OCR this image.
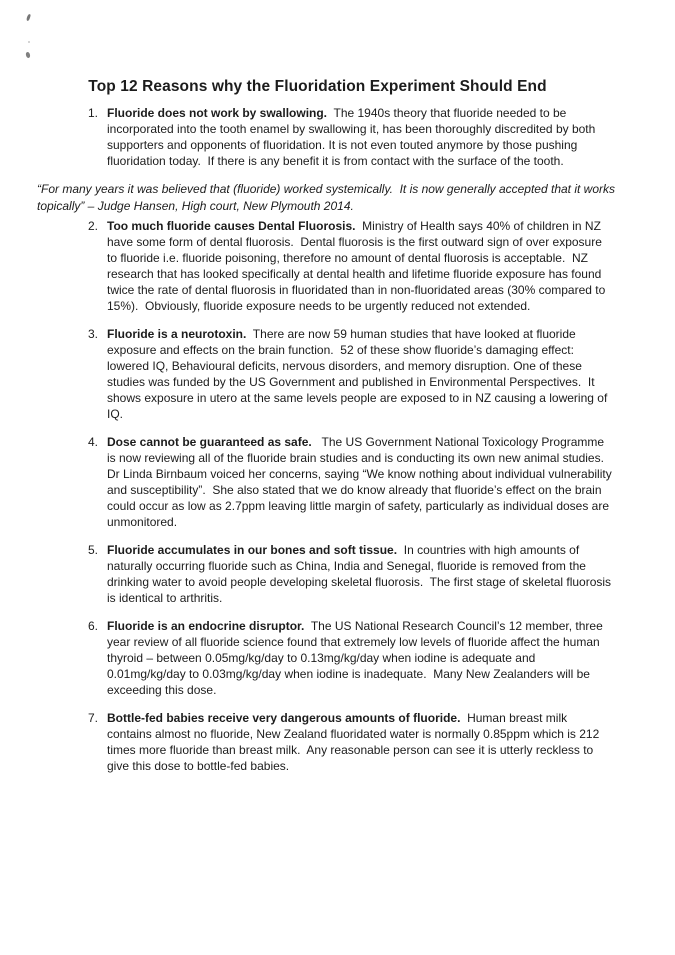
Top 12 Reasons why the Fluoridation Experiment Should End
1. Fluoride does not work by swallowing.  The 1940s theory that fluoride needed to be incorporated into the tooth enamel by swallowing it, has been thoroughly discredited by both supporters and opponents of fluoridation. It is not even touted anymore by those pushing fluoridation today.  If there is any benefit it is from contact with the surface of the tooth.

“For many years it was believed that (fluoride) worked systemically.  It is now generally accepted that it works topically” – Judge Hansen, High court, New Plymouth 2014.

2. Too much fluoride causes Dental Fluorosis.  Ministry of Health says 40% of children in NZ have some form of dental fluorosis.  Dental fluorosis is the first outward sign of over exposure to fluoride i.e. fluoride poisoning, therefore no amount of dental fluorosis is acceptable.  NZ research that has looked specifically at dental health and lifetime fluoride exposure has found twice the rate of dental fluorosis in fluoridated than in non-fluoridated areas (30% compared to 15%).  Obviously, fluoride exposure needs to be urgently reduced not extended.

3. Fluoride is a neurotoxin.  There are now 59 human studies that have looked at fluoride exposure and effects on the brain function.  52 of these show fluoride’s damaging effect:  lowered IQ, Behavioural deficits, nervous disorders, and memory disruption. One of these studies was funded by the US Government and published in Environmental Perspectives.  It shows exposure in utero at the same levels people are exposed to in NZ causing a lowering of IQ.

4. Dose cannot be guaranteed as safe.   The US Government National Toxicology Programme is now reviewing all of the fluoride brain studies and is conducting its own new animal studies.  Dr Linda Birnbaum voiced her concerns, saying “We know nothing about individual vulnerability and susceptibility”.  She also stated that we do know already that fluoride’s effect on the brain could occur as low as 2.7ppm leaving little margin of safety, particularly as individual doses are unmonitored.

5. Fluoride accumulates in our bones and soft tissue.  In countries with high amounts of naturally occurring fluoride such as China, India and Senegal, fluoride is removed from the drinking water to avoid people developing skeletal fluorosis.  The first stage of skeletal fluorosis is identical to arthritis.

6. Fluoride is an endocrine disruptor.  The US National Research Council’s 12 member, three year review of all fluoride science found that extremely low levels of fluoride affect the human thyroid – between 0.05mg/kg/day to 0.13mg/kg/day when iodine is adequate and 0.01mg/kg/day to 0.03mg/kg/day when iodine is inadequate.  Many New Zealanders will be exceeding this dose.

7. Bottle-fed babies receive very dangerous amounts of fluoride.  Human breast milk contains almost no fluoride, New Zealand fluoridated water is normally 0.85ppm which is 212 times more fluoride than breast milk.  Any reasonable person can see it is utterly reckless to give this dose to bottle-fed babies.
